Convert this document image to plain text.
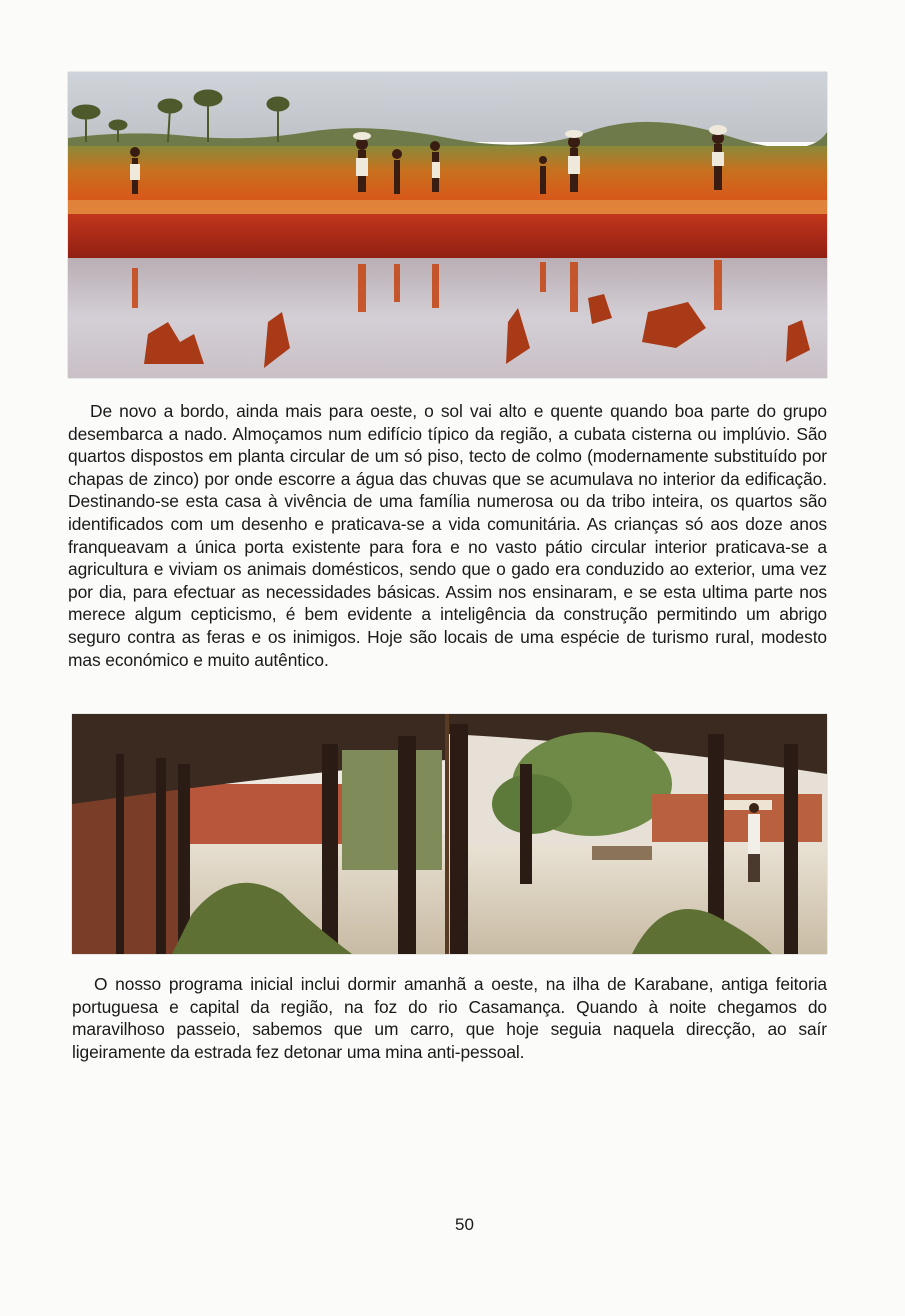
De novo a bordo, ainda mais para oeste, o sol vai alto e quente quando boa parte do grupo desembarca a nado. Almoçamos num edifício típico da região, a cubata cisterna ou implúvio. São quartos dispostos em planta circular de um só piso, tecto de colmo (modernamente substituído por chapas de zinco) por onde escorre a água das chuvas que se acumulava no interior da edificação. Destinando-se esta casa à vivência de uma família numerosa ou da tribo inteira, os quartos são identificados com um desenho e praticava-se a vida comunitária. As crianças só aos doze anos franqueavam a única porta existente para fora e no vasto pátio circular interior praticava-se a agricultura e viviam os animais domésticos, sendo que o gado era conduzido ao exterior, uma vez por dia, para efectuar as necessidades básicas. Assim nos ensinaram, e se esta ultima parte nos merece algum cepticismo, é bem evidente a inteligência da construção permitindo um abrigo seguro contra as feras e os inimigos. Hoje são locais de uma espécie de turismo rural, modesto mas económico e muito autêntico.

O nosso programa inicial inclui dormir amanhã a oeste, na ilha de Karabane, antiga feitoria portuguesa e capital da região, na foz do rio Casamança. Quando à noite chegamos do maravilhoso passeio, sabemos que um carro, que hoje seguia naquela direcção, ao saír ligeiramente da estrada fez detonar uma mina anti-pessoal.

50
